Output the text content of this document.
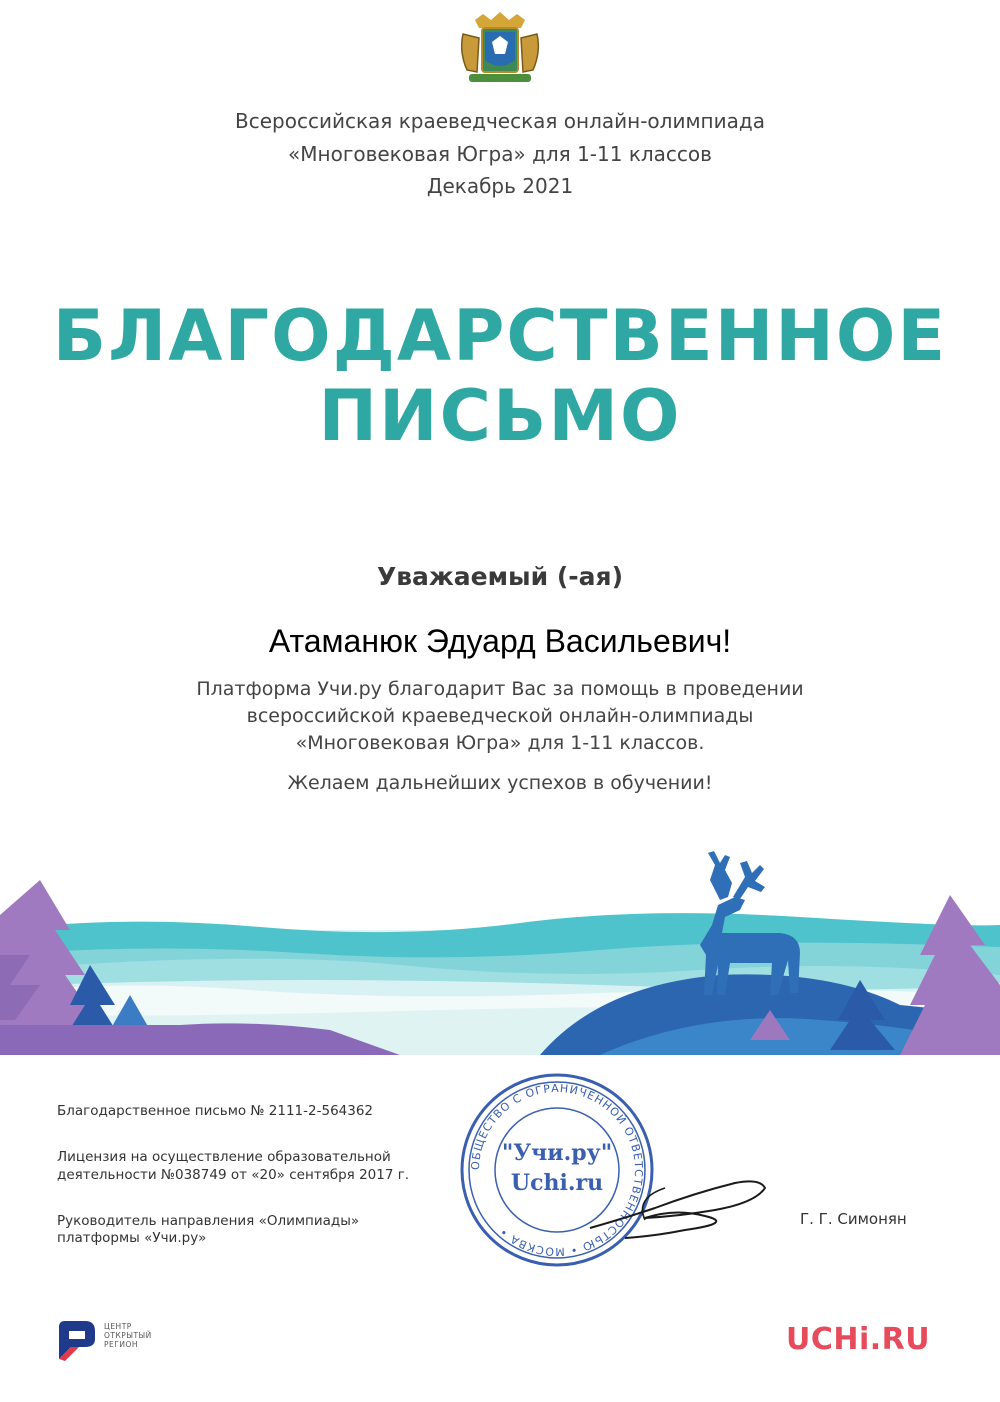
Всероссийская краеведческая онлайн-олимпиада
«Многовековая Югра» для 1-11 классов
Декабрь 2021
БЛАГОДАРСТВЕННОЕ
ПИСЬМО
Уважаемый (-ая)
Атаманюк Эдуард Васильевич!
Платформа Учи.ру благодарит Вас за помощь в проведении
всероссийской краеведческой онлайн-олимпиады
«Многовековая Югра» для 1-11 классов.
Желаем дальнейших успехов в обучении!
Благодарственное письмо № 2111-2-564362
Лицензия на осуществление образовательной
деятельности №038749 от «20» сентября 2017 г.
Руководитель направления «Олимпиады»
платформы «Учи.ру»
ОБЩЕСТВО С ОГРАНИЧЕННОЙ ОТВЕТСТВЕННОСТЬЮ • МОСКВА •
"Учи.ру"
Uchi.ru
Г. Г. Симонян
ЦЕНТР
ОТКРЫТЫЙ
РЕГИОН	UCHi.RU
